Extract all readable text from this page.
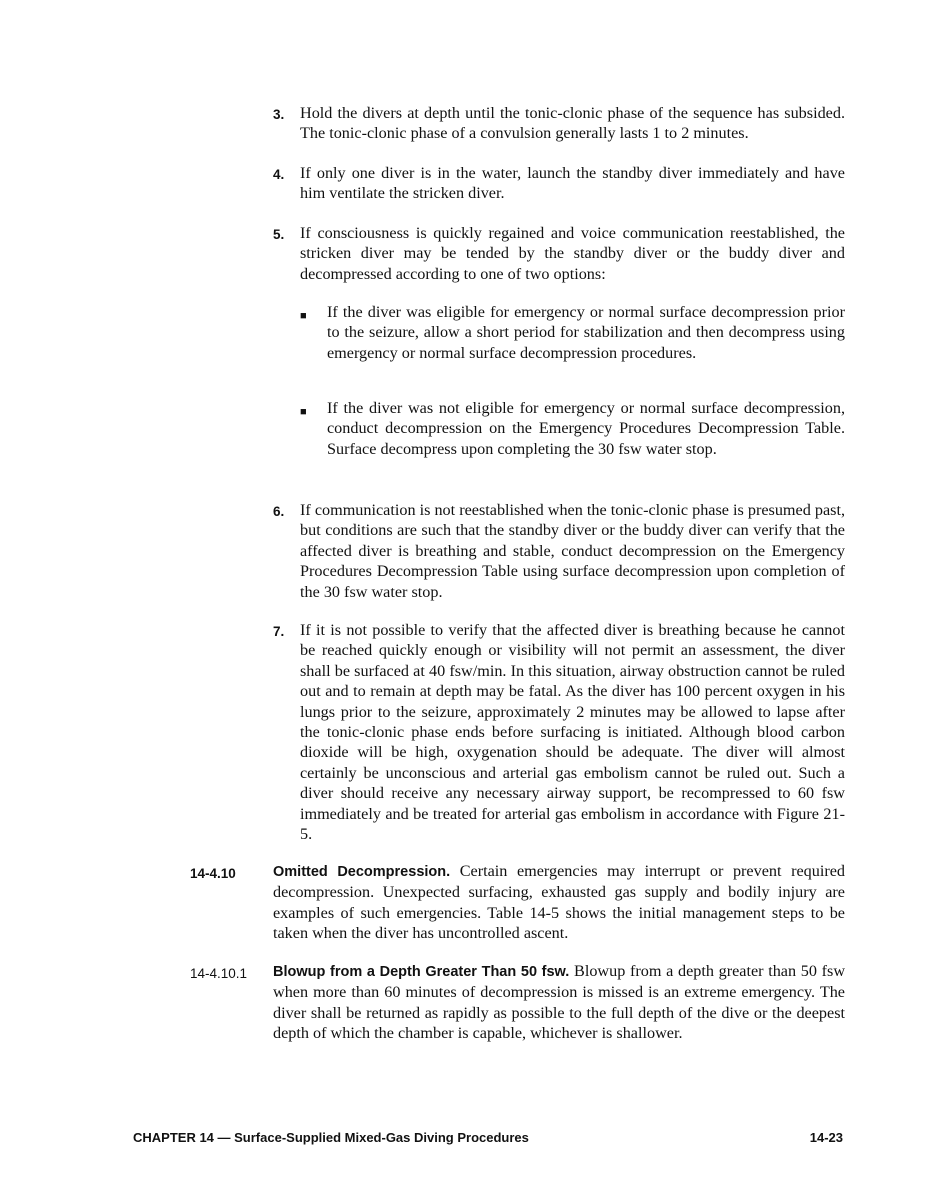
3. Hold the divers at depth until the tonic-clonic phase of the sequence has subsided. The tonic-clonic phase of a convulsion generally lasts 1 to 2 minutes.
4. If only one diver is in the water, launch the standby diver immediately and have him ventilate the stricken diver.
5. If consciousness is quickly regained and voice communication reestablished, the stricken diver may be tended by the standby diver or the buddy diver and decompressed according to one of two options:
■ If the diver was eligible for emergency or normal surface decompression prior to the seizure, allow a short period for stabilization and then decompress using emergency or normal surface decompression procedures.
■ If the diver was not eligible for emergency or normal surface decompression, conduct decompression on the Emergency Procedures Decompression Table. Surface decompress upon completing the 30 fsw water stop.
6. If communication is not reestablished when the tonic-clonic phase is presumed past, but conditions are such that the standby diver or the buddy diver can verify that the affected diver is breathing and stable, conduct decompression on the Emergency Procedures Decompression Table using surface decompression upon completion of the 30 fsw water stop.
7. If it is not possible to verify that the affected diver is breathing because he cannot be reached quickly enough or visibility will not permit an assessment, the diver shall be surfaced at 40 fsw/min. In this situation, airway obstruction cannot be ruled out and to remain at depth may be fatal. As the diver has 100 percent oxygen in his lungs prior to the seizure, approximately 2 minutes may be allowed to lapse after the tonic-clonic phase ends before surfacing is initiated. Although blood carbon dioxide will be high, oxygenation should be adequate. The diver will almost certainly be unconscious and arterial gas embolism cannot be ruled out. Such a diver should receive any necessary airway support, be recompressed to 60 fsw immediately and be treated for arterial gas embolism in accordance with Figure 21-5.
14-4.10	Omitted Decompression. Certain emergencies may interrupt or prevent required decompression. Unexpected surfacing, exhausted gas supply and bodily injury are examples of such emergencies. Table 14-5 shows the initial management steps to be taken when the diver has uncontrolled ascent.
14-4.10.1 Blowup from a Depth Greater Than 50 fsw. Blowup from a depth greater than 50 fsw when more than 60 minutes of decompression is missed is an extreme emergency. The diver shall be returned as rapidly as possible to the full depth of the dive or the deepest depth of which the chamber is capable, whichever is shallower.
CHAPTER 14 — Surface-Supplied Mixed-Gas Diving Procedures	14-23
